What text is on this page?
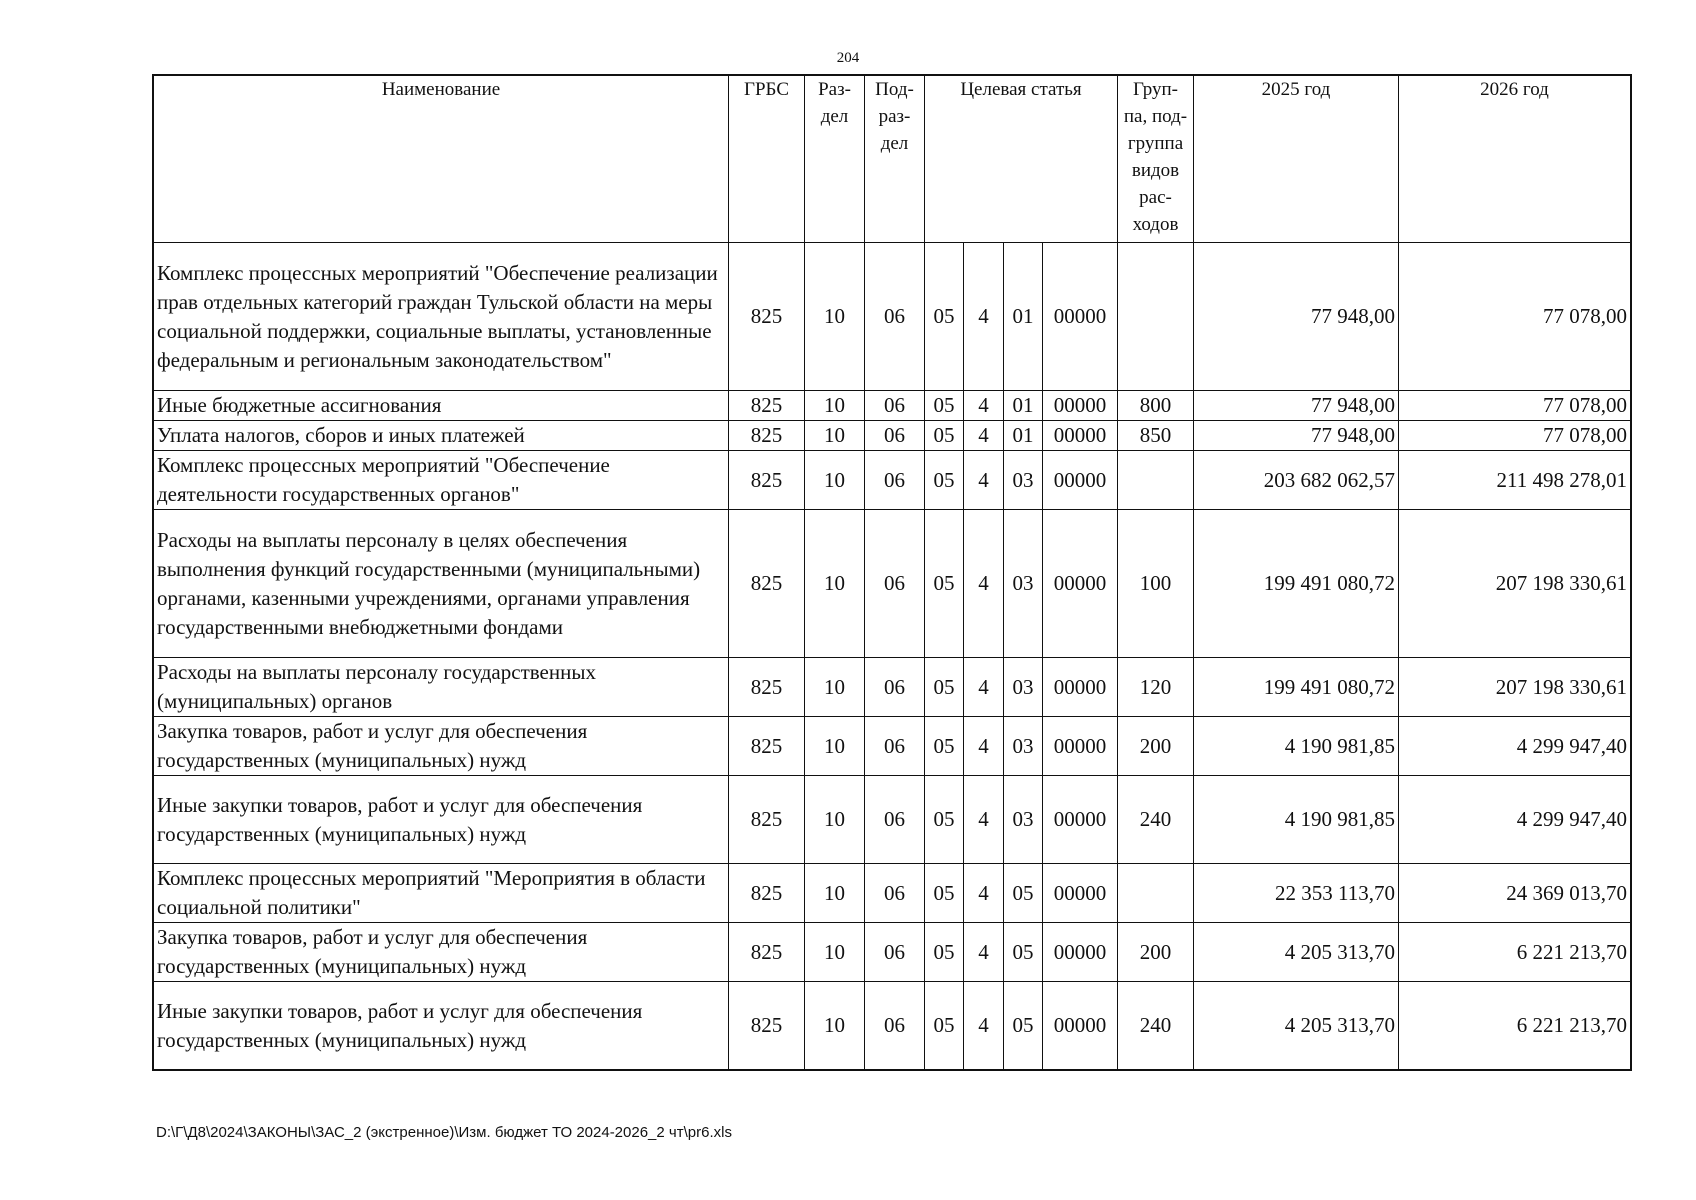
204
Наименование	ГРБС	Раз- дел	Под- раз- дел	Целевая статья				Груп- па, под- группа видов рас- ходов	2025 год	2026 год
Комплекс процессных мероприятий "Обеспечение реализации прав отдельных категорий граждан Тульской области на меры социальной поддержки, социальные выплаты, установленные федеральным и региональным законодательством"	825	10	06	05	4	01	00000		77 948,00	77 078,00
Иные бюджетные ассигнования	825	10	06	05	4	01	00000	800	77 948,00	77 078,00
Уплата налогов, сборов и иных платежей	825	10	06	05	4	01	00000	850	77 948,00	77 078,00
Комплекс процессных мероприятий "Обеспечение деятельности государственных органов"	825	10	06	05	4	03	00000		203 682 062,57	211 498 278,01
Расходы на выплаты персоналу в целях обеспечения выполнения функций государственными (муниципальными) органами, казенными учреждениями, органами управления государственными внебюджетными фондами	825	10	06	05	4	03	00000	100	199 491 080,72	207 198 330,61
Расходы на выплаты персоналу государственных (муниципальных) органов	825	10	06	05	4	03	00000	120	199 491 080,72	207 198 330,61
Закупка товаров, работ и услуг для обеспечения государственных (муниципальных) нужд	825	10	06	05	4	03	00000	200	4 190 981,85	4 299 947,40
Иные закупки товаров, работ и услуг для обеспечения государственных (муниципальных) нужд	825	10	06	05	4	03	00000	240	4 190 981,85	4 299 947,40
Комплекс процессных мероприятий "Мероприятия в области социальной политики"	825	10	06	05	4	05	00000		22 353 113,70	24 369 013,70
Закупка товаров, работ и услуг для обеспечения государственных (муниципальных) нужд	825	10	06	05	4	05	00000	200	4 205 313,70	6 221 213,70
Иные закупки товаров, работ и услуг для обеспечения государственных (муниципальных) нужд	825	10	06	05	4	05	00000	240	4 205 313,70	6 221 213,70
D:\Г\Д8\2024\ЗАКОНЫ\ЗАС_2 (экстренное)\Изм. бюджет ТО 2024-2026_2 чт\pr6.xls
